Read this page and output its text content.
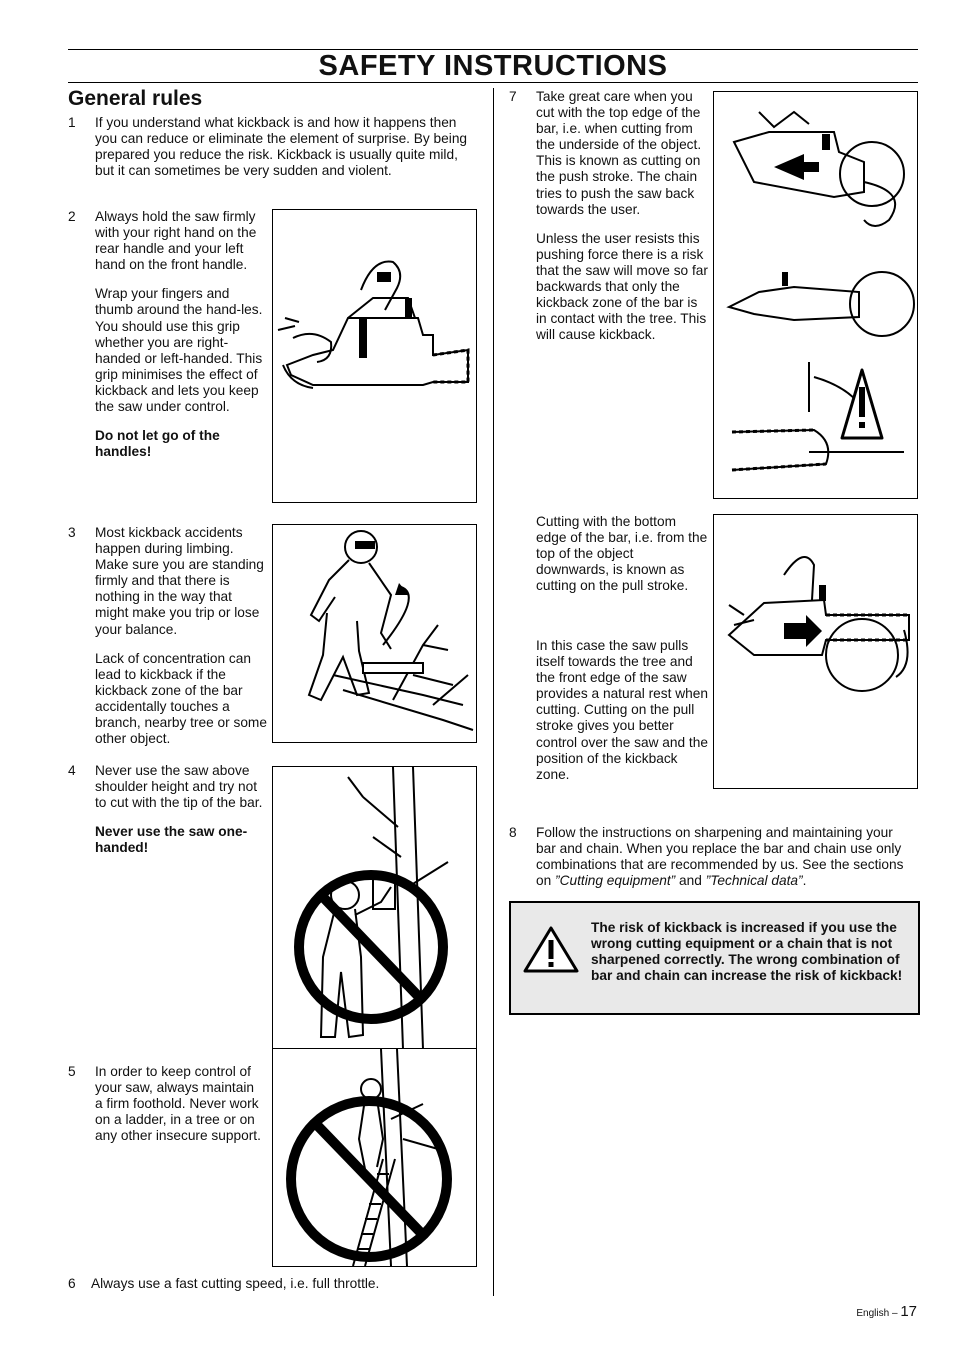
SAFETY INSTRUCTIONS
General rules
1 If you understand what kickback is and how it happens then you can reduce or eliminate the element of surprise. By being prepared you reduce the risk. Kickback is usually quite mild, but it can sometimes be very sudden and violent.
2 Always hold the saw firmly with your right hand on the rear handle and your left hand on the front handle.

Wrap your fingers and thumb around the hand-les. You should use this grip whether you are right-handed or left-handed. This grip minimises the effect of kickback and lets you keep the saw under control.

Do not let go of the handles!

3 Most kickback accidents happen during limbing. Make sure you are standing firmly and that there is nothing in the way that might make you trip or lose your balance.

Lack of concentration can lead to kickback if the kickback zone of the bar accidentally touches a branch, nearby tree or some other object.

4 Never use the saw above shoulder height and try not to cut with the tip of the bar.

Never use the saw one-handed!

5 In order to keep control of your saw, always maintain a firm foothold. Never work on a ladder, in a tree or on any other insecure support.
6 Always use a fast cutting speed, i.e. full throttle.
7 Take great care when you cut with the top edge of the bar, i.e. when cutting from the underside of the object. This is known as cutting on the push stroke. The chain tries to push the saw back towards the user.

Unless the user resists this pushing force there is a risk that the saw will move so far backwards that only the kickback zone of the bar is in contact with the tree. This will cause kickback.

Cutting with the bottom edge of the bar, i.e. from the top of the object downwards, is known as cutting on the pull stroke.
In this case the saw pulls itself towards the tree and the front edge of the saw provides a natural rest when cutting. Cutting on the pull stroke gives you better control over the saw and the position of the kickback zone.
8 Follow the instructions on sharpening and maintaining your bar and chain. When you replace the bar and chain use only combinations that are recommended by us. See the sections on ”Cutting equipment” and ”Technical data”.
The risk of kickback is increased if you use the wrong cutting equipment or a chain that is not sharpened correctly. The wrong combination of bar and chain can increase the risk of kickback!
English – 17
